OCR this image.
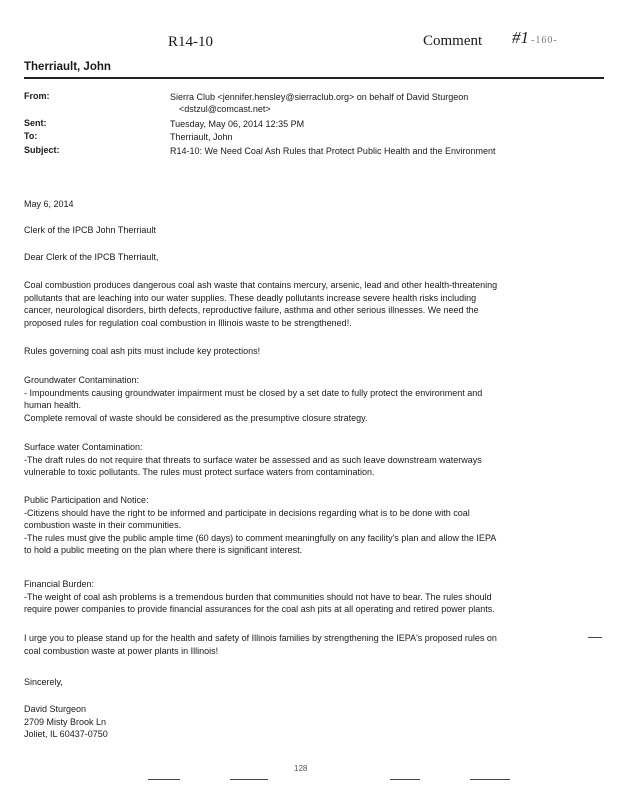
R14-10	Comment #1 -160-
Therriault, John
From:	Sierra Club <jennifer.hensley@sierraclub.org> on behalf of David Sturgeon
<dstzul@comcast.net>
Sent:	Tuesday, May 06, 2014 12:35 PM
To:	Therriault, John
Subject:	R14-10: We Need Coal Ash Rules that Protect Public Health and the Environment
May 6, 2014
Clerk of the IPCB John Therriault
Dear Clerk of the IPCB Therriault,

Coal combustion produces dangerous coal ash waste that contains mercury, arsenic, lead and other health-threatening

pollutants that are leaching into our water supplies. These deadly pollutants increase severe health risks including

cancer, neurological disorders, birth defects, reproductive failure, asthma and other serious illnesses. We need the

proposed rules for regulation coal combustion in Illinois waste to be strengthened!.

Rules governing coal ash pits must include key protections!

Groundwater Contamination:

- Impoundments causing groundwater impairment must be closed by a set date to fully protect the environment and

human health.

Complete removal of waste should be considered as the presumptive closure strategy.

Surface water Contamination:

-The draft rules do not require that threats to surface water be assessed and as such leave downstream waterways

vulnerable to toxic pollutants. The rules must protect surface waters from contamination.

Public Participation and Notice:

-Citizens should have the right to be informed and participate in decisions regarding what is to be done with coal

combustion waste in their communities.

-The rules must give the public ample time (60 days) to comment meaningfully on any facility's plan and allow the IEPA

to hold a public meeting on the plan where there is significant interest.

Financial Burden:

-The weight of coal ash problems is a tremendous burden that communities should not have to bear. The rules should

require power companies to provide financial assurances for the coal ash pits at all operating and retired power plants.

I urge you to please stand up for the health and safety of Illinois families by strengthening the IEPA's proposed rules on

coal combustion waste at power plants in Illinois!

Sincerely,

David Sturgeon

2709 Misty Brook Ln

Joliet, IL 60437-0750

128
